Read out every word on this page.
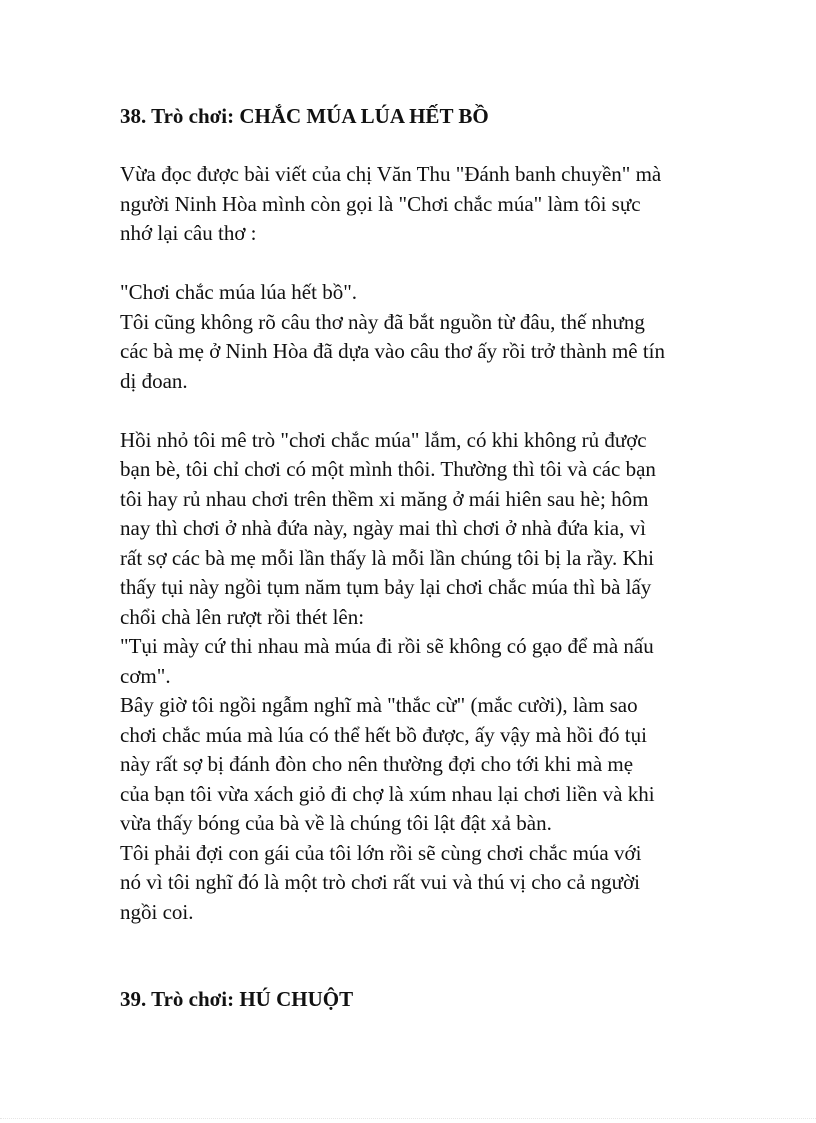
38. Trò chơi: CHẮC MÚA LÚA HẾT BỒ

Vừa đọc được bài viết của chị Văn Thu "Đánh banh chuyền" mà

người Ninh Hòa mình còn gọi là "Chơi chắc múa" làm tôi sực

nhớ lại câu thơ :

"Chơi chắc múa lúa hết bồ".

Tôi cũng không rõ câu thơ này đã bắt nguồn từ đâu, thế nhưng

các bà mẹ ở Ninh Hòa đã dựa vào câu thơ ấy rồi trở thành mê tín

dị đoan.

Hồi nhỏ tôi mê trò "chơi chắc múa" lắm, có khi không rủ được

bạn bè, tôi chỉ chơi có một mình thôi. Thường thì tôi và các bạn

tôi hay rủ nhau chơi trên thềm xi măng ở mái hiên sau hè; hôm

nay thì chơi ở nhà đứa này, ngày mai thì chơi ở nhà đứa kia, vì

rất sợ các bà mẹ mỗi lần thấy là mỗi lần chúng tôi bị la rầy. Khi

thấy tụi này ngồi tụm năm tụm bảy lại chơi chắc múa thì bà lấy

chổi chà lên rượt rồi thét lên:

"Tụi mày cứ thi nhau mà múa đi rồi sẽ không có gạo để mà nấu

cơm".

Bây giờ tôi ngồi ngẫm nghĩ mà "thắc cừ" (mắc cười), làm sao

chơi chắc múa mà lúa có thể hết bồ được, ấy vậy mà hồi đó tụi

này rất sợ bị đánh đòn cho nên thường đợi cho tới khi mà mẹ

của bạn tôi vừa xách giỏ đi chợ là xúm nhau lại chơi liền và khi

vừa thấy bóng của bà về là chúng tôi lật đật xả bàn.

Tôi phải đợi con gái của tôi lớn rồi sẽ cùng chơi chắc múa với

nó vì tôi nghĩ đó là một trò chơi rất vui và thú vị cho cả người

ngồi coi.

39. Trò chơi: HÚ CHUỘT
